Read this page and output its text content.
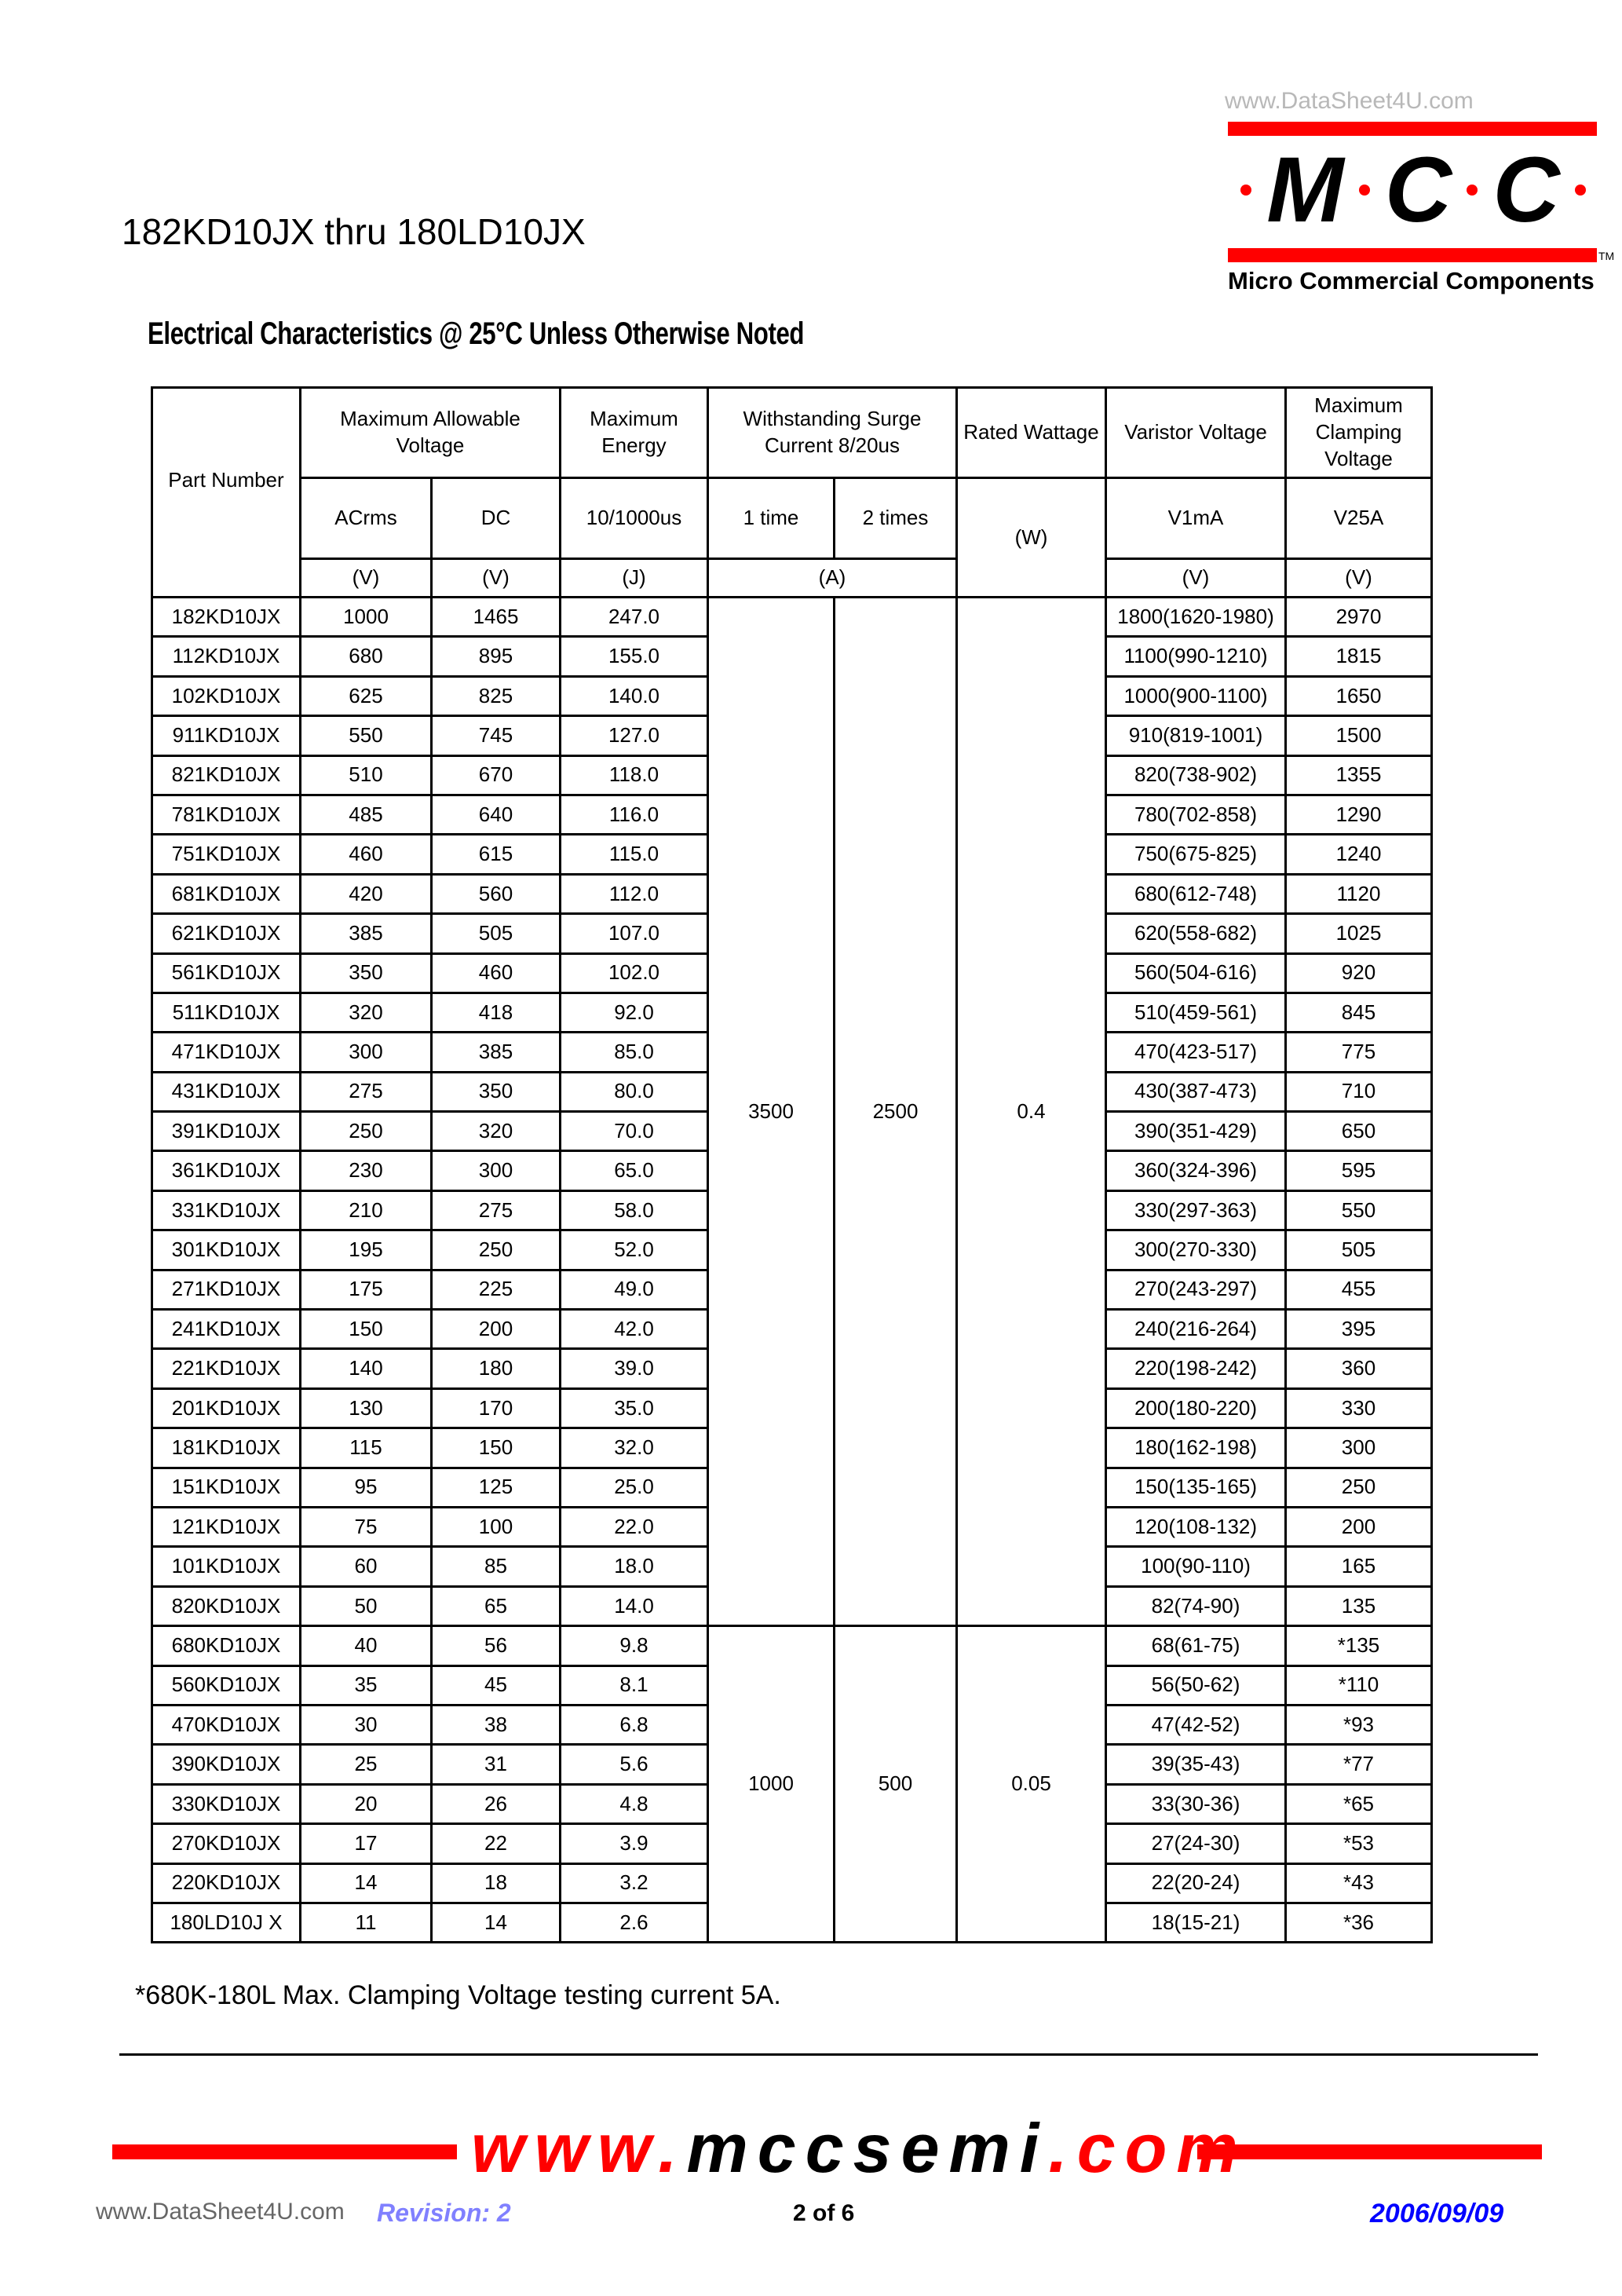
182KD10JX thru 180LD10JX
www.DataSheet4U.com
M C C
TM
Micro Commercial Components
Electrical Characteristics @ 25°C Unless Otherwise Noted
Part Number	Maximum Allowable Voltage		Maximum Energy	Withstanding Surge Current 8/20us		Rated Wattage	Varistor Voltage	Maximum Clamping Voltage
	ACrms	DC	10/1000us	1 time	2 times	(W)	V1mA	V25A
	(V)	(V)	(J)	(A)			(V)	(V)
182KD10JX	1000	1465	247.0	3500	2500	0.4	1800(1620-1980)	2970
112KD10JX	680	895	155.0				1100(990-1210)	1815
102KD10JX	625	825	140.0				1000(900-1100)	1650
911KD10JX	550	745	127.0				910(819-1001)	1500
821KD10JX	510	670	118.0				820(738-902)	1355
781KD10JX	485	640	116.0				780(702-858)	1290
751KD10JX	460	615	115.0				750(675-825)	1240
681KD10JX	420	560	112.0				680(612-748)	1120
621KD10JX	385	505	107.0				620(558-682)	1025
561KD10JX	350	460	102.0				560(504-616)	920
511KD10JX	320	418	92.0				510(459-561)	845
471KD10JX	300	385	85.0				470(423-517)	775
431KD10JX	275	350	80.0				430(387-473)	710
391KD10JX	250	320	70.0				390(351-429)	650
361KD10JX	230	300	65.0				360(324-396)	595
331KD10JX	210	275	58.0				330(297-363)	550
301KD10JX	195	250	52.0				300(270-330)	505
271KD10JX	175	225	49.0				270(243-297)	455
241KD10JX	150	200	42.0				240(216-264)	395
221KD10JX	140	180	39.0				220(198-242)	360
201KD10JX	130	170	35.0				200(180-220)	330
181KD10JX	115	150	32.0				180(162-198)	300
151KD10JX	95	125	25.0				150(135-165)	250
121KD10JX	75	100	22.0				120(108-132)	200
101KD10JX	60	85	18.0				100(90-110)	165
820KD10JX	50	65	14.0				82(74-90)	135
680KD10JX	40	56	9.8	1000	500	0.05	68(61-75)	*135
560KD10JX	35	45	8.1				56(50-62)	*110
470KD10JX	30	38	6.8				47(42-52)	*93
390KD10JX	25	31	5.6				39(35-43)	*77
330KD10JX	20	26	4.8				33(30-36)	*65
270KD10JX	17	22	3.9				27(24-30)	*53
220KD10JX	14	18	3.2				22(20-24)	*43
180LD10J X	11	14	2.6				18(15-21)	*36
*680K-180L Max. Clamping Voltage testing current 5A.
www.mccsemi.com
www.DataSheet4U.com Revision: 2	2 of 6	2006/09/09
